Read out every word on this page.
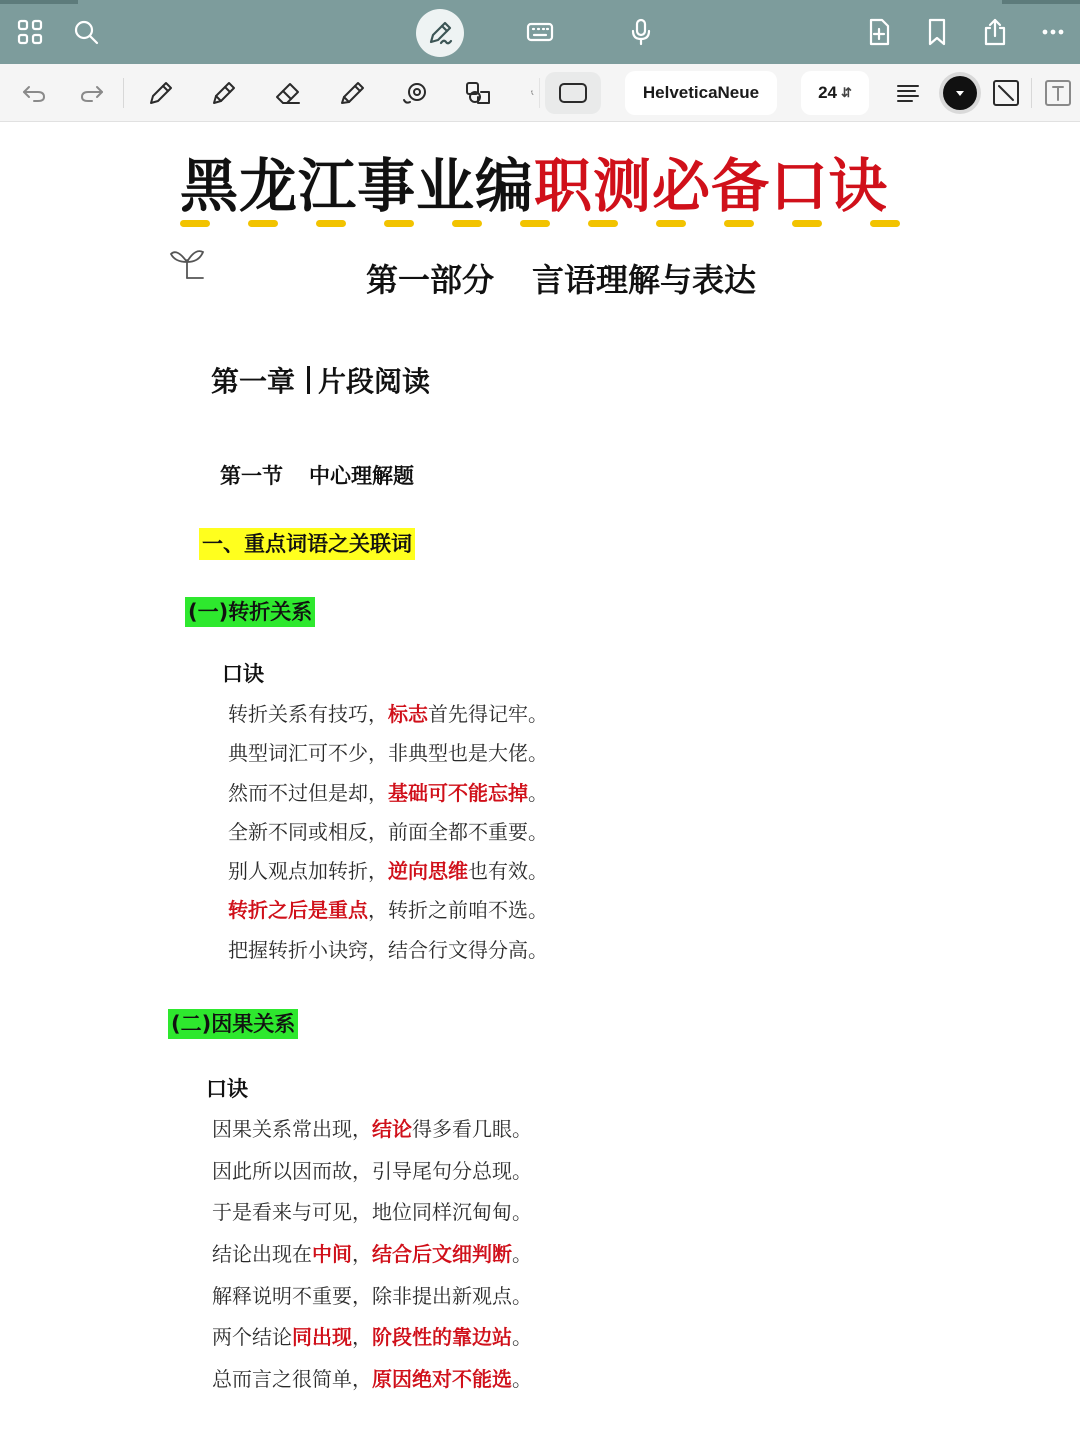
HelveticaNeue	24 ⇵
黑龙江事业编职测必备口诀
第一部分 言语理解与表达
第一章 片段阅读
第一节 中心理解题
一、重点词语之关联词
(一)转折关系
口诀
转折关系有技巧，标志首先得记牢。
典型词汇可不少，非典型也是大佬。
然而不过但是却，基础可不能忘掉。
全新不同或相反，前面全都不重要。
别人观点加转折，逆向思维也有效。
转折之后是重点，转折之前咱不选。
把握转折小诀窍，结合行文得分高。
(二)因果关系
口诀
因果关系常出现，结论得多看几眼。
因此所以因而故，引导尾句分总现。
于是看来与可见，地位同样沉甸甸。
结论出现在中间，结合后文细判断。
解释说明不重要，除非提出新观点。
两个结论同出现，阶段性的靠边站。
总而言之很简单，原因绝对不能选。
